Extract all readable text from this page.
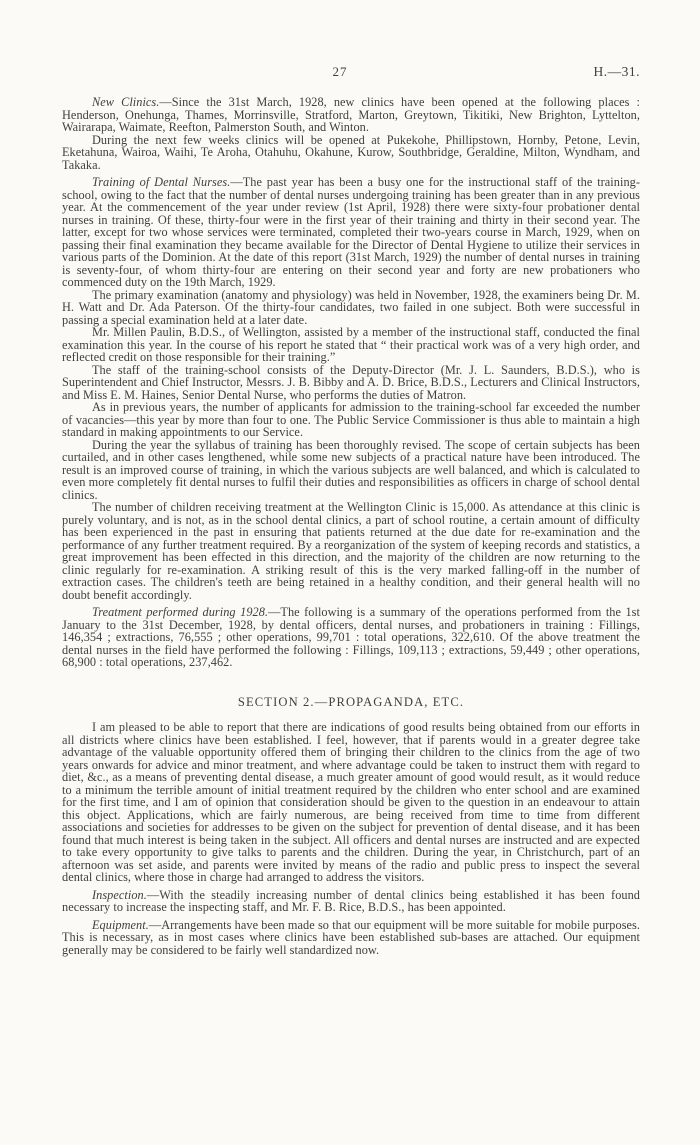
27	H.—31.

New Clinics.—Since the 31st March, 1928, new clinics have been opened at the following places : Henderson, Onehunga, Thames, Morrinsville, Stratford, Marton, Greytown, Tikitiki, New Brighton, Lyttelton, Wairarapa, Waimate, Reefton, Palmerston South, and Winton.

During the next few weeks clinics will be opened at Pukekohe, Phillipstown, Hornby, Petone, Levin, Eketahuna, Wairoa, Waihi, Te Aroha, Otahuhu, Okahune, Kurow, Southbridge, Geraldine, Milton, Wyndham, and Takaka.

Training of Dental Nurses.—The past year has been a busy one for the instructional staff of the training-school, owing to the fact that the number of dental nurses undergoing training has been greater than in any previous year. At the commencement of the year under review (1st April, 1928) there were sixty-four probationer dental nurses in training. Of these, thirty-four were in the first year of their training and thirty in their second year. The latter, except for two whose services were terminated, completed their two-years course in March, 1929, when on passing their final examination they became available for the Director of Dental Hygiene to utilize their services in various parts of the Dominion. At the date of this report (31st March, 1929) the number of dental nurses in training is seventy-four, of whom thirty-four are entering on their second year and forty are new probationers who commenced duty on the 19th March, 1929.

The primary examination (anatomy and physiology) was held in November, 1928, the examiners being Dr. M. H. Watt and Dr. Ada Paterson. Of the thirty-four candidates, two failed in one subject. Both were successful in passing a special examination held at a later date.

Mr. Millen Paulin, B.D.S., of Wellington, assisted by a member of the instructional staff, conducted the final examination this year. In the course of his report he stated that “ their practical work was of a very high order, and reflected credit on those responsible for their training.”

The staff of the training-school consists of the Deputy-Director (Mr. J. L. Saunders, B.D.S.), who is Superintendent and Chief Instructor, Messrs. J. B. Bibby and A. D. Brice, B.D.S., Lecturers and Clinical Instructors, and Miss E. M. Haines, Senior Dental Nurse, who performs the duties of Matron.

As in previous years, the number of applicants for admission to the training-school far exceeded the number of vacancies—this year by more than four to one. The Public Service Commissioner is thus able to maintain a high standard in making appointments to our Service.

During the year the syllabus of training has been thoroughly revised. The scope of certain subjects has been curtailed, and in other cases lengthened, while some new subjects of a practical nature have been introduced. The result is an improved course of training, in which the various subjects are well balanced, and which is calculated to even more completely fit dental nurses to fulfil their duties and responsibilities as officers in charge of school dental clinics.

The number of children receiving treatment at the Wellington Clinic is 15,000. As attendance at this clinic is purely voluntary, and is not, as in the school dental clinics, a part of school routine, a certain amount of difficulty has been experienced in the past in ensuring that patients returned at the due date for re-examination and the performance of any further treatment required. By a reorganization of the system of keeping records and statistics, a great improvement has been effected in this direction, and the majority of the children are now returning to the clinic regularly for re-examination. A striking result of this is the very marked falling-off in the number of extraction cases. The children's teeth are being retained in a healthy condition, and their general health will no doubt benefit accordingly.

Treatment performed during 1928.—The following is a summary of the operations performed from the 1st January to the 31st December, 1928, by dental officers, dental nurses, and probationers in training : Fillings, 146,354 ; extractions, 76,555 ; other operations, 99,701 : total operations, 322,610. Of the above treatment the dental nurses in the field have performed the following : Fillings, 109,113 ; extractions, 59,449 ; other operations, 68,900 : total operations, 237,462.

SECTION 2.—PROPAGANDA, ETC.

I am pleased to be able to report that there are indications of good results being obtained from our efforts in all districts where clinics have been established. I feel, however, that if parents would in a greater degree take advantage of the valuable opportunity offered them of bringing their children to the clinics from the age of two years onwards for advice and minor treatment, and where advantage could be taken to instruct them with regard to diet, &c., as a means of preventing dental disease, a much greater amount of good would result, as it would reduce to a minimum the terrible amount of initial treatment required by the children who enter school and are examined for the first time, and I am of opinion that consideration should be given to the question in an endeavour to attain this object. Applications, which are fairly numerous, are being received from time to time from different associations and societies for addresses to be given on the subject for prevention of dental disease, and it has been found that much interest is being taken in the subject. All officers and dental nurses are instructed and are expected to take every opportunity to give talks to parents and the children. During the year, in Christchurch, part of an afternoon was set aside, and parents were invited by means of the radio and public press to inspect the several dental clinics, where those in charge had arranged to address the visitors.

Inspection.—With the steadily increasing number of dental clinics being established it has been found necessary to increase the inspecting staff, and Mr. F. B. Rice, B.D.S., has been appointed.

Equipment.—Arrangements have been made so that our equipment will be more suitable for mobile purposes. This is necessary, as in most cases where clinics have been established sub-bases are attached. Our equipment generally may be considered to be fairly well standardized now.
